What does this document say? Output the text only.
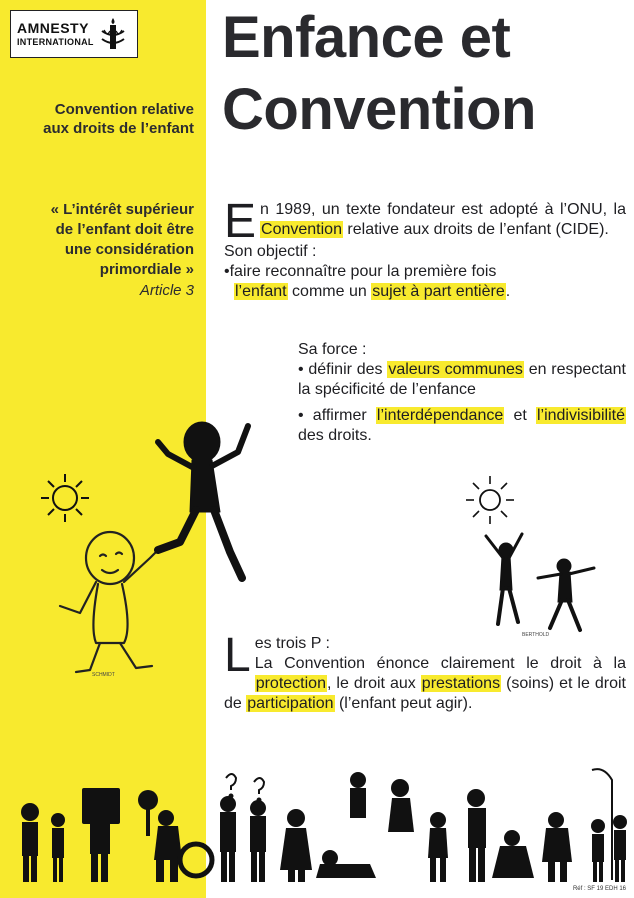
AMNESTY
INTERNATIONAL
Convention relative
aux droits de l’enfant
« L’intérêt supérieur
de l’enfant doit être
une considération
primordiale »
Article 3
Enfance et
Convention
E n 1989, un texte fondateur est adopté à l’ONU, la Convention relative aux droits de l’enfant (CIDE).
Son objectif :
•faire reconnaître pour la première fois
l’enfant comme un sujet à part entière.
Sa force :
• définir des valeurs communes en respectant la spécificité de l’enfance
• affirmer l’interdépendance et l’indivisibilité des droits.
L es trois P :
La Convention énonce clairement le droit à la protection, le droit aux prestations (soins) et le droit de participation (l’enfant peut agir).
SCHMIDT
BERTHOLD
Réf : SF 19 EDH 16
